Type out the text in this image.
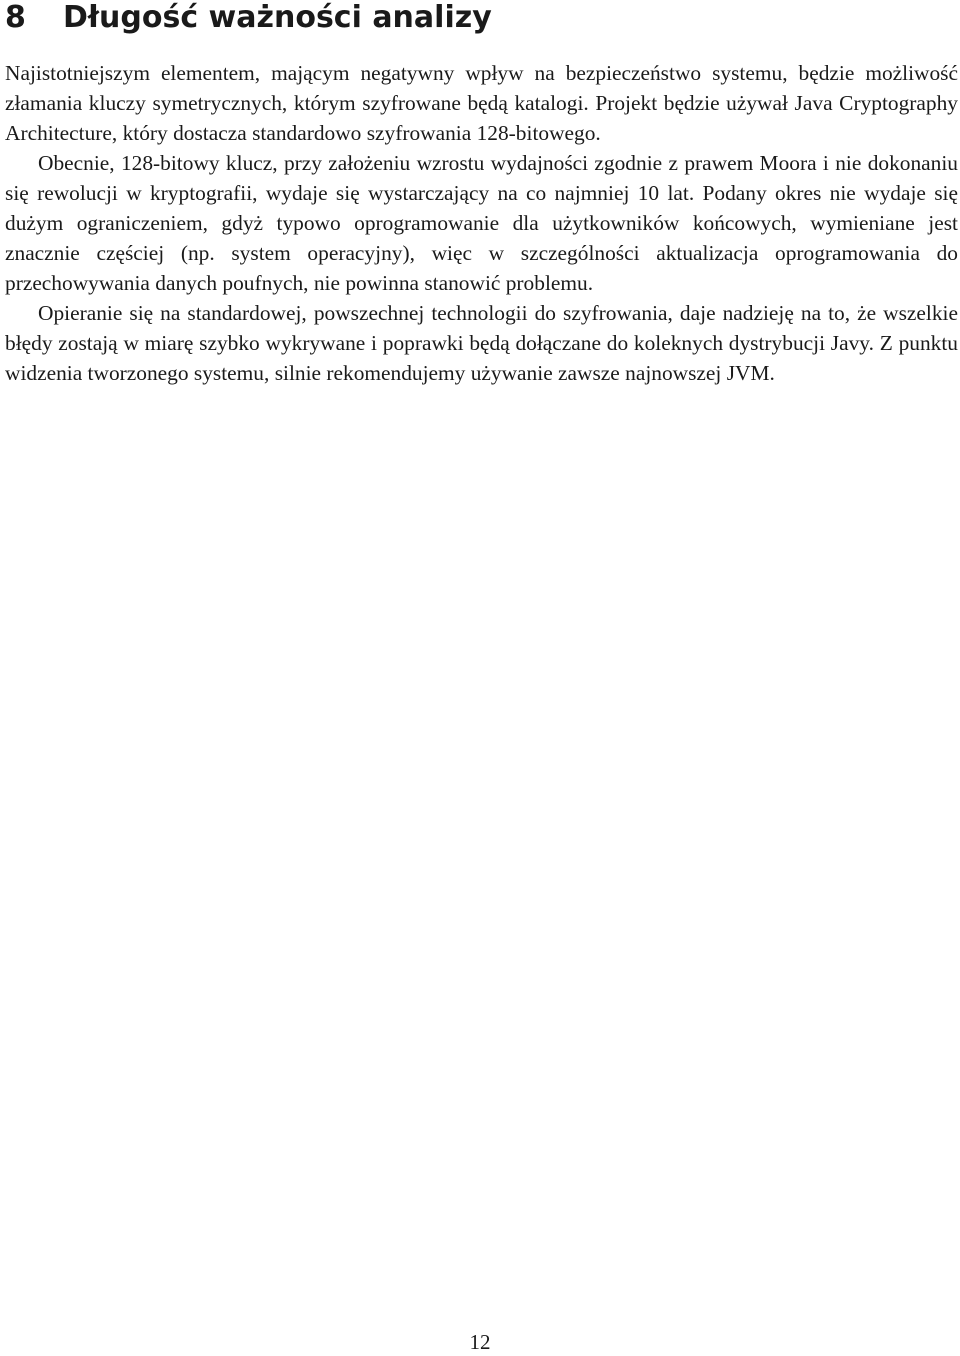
8 Długość ważności analizy

Najistotniejszym elementem, mającym negatywny wpływ na bezpieczeństwo systemu, będzie możliwość złamania kluczy symetrycznych, którym szyfrowane będą katalogi. Projekt będzie używał Java Cryptography Architecture, który dostacza standardowo szyfrowania 128-bitowego.

Obecnie, 128-bitowy klucz, przy założeniu wzrostu wydajności zgodnie z prawem Moora i nie dokonaniu się rewolucji w kryptografii, wydaje się wystarczający na co najmniej 10 lat. Podany okres nie wydaje się dużym ograniczeniem, gdyż typowo oprogramowanie dla użytkowników końcowych, wymieniane jest znacznie częściej (np. system operacyjny), więc w szczególności aktualizacja oprogramowania do przechowywania danych poufnych, nie powinna stanowić problemu.

Opieranie się na standardowej, powszechnej technologii do szyfrowania, daje nadzieję na to, że wszelkie błędy zostają w miarę szybko wykrywane i poprawki będą dołączane do koleknych dystrybucji Javy. Z punktu widzenia tworzonego systemu, silnie rekomendujemy używanie zawsze najnowszej JVM.

12
